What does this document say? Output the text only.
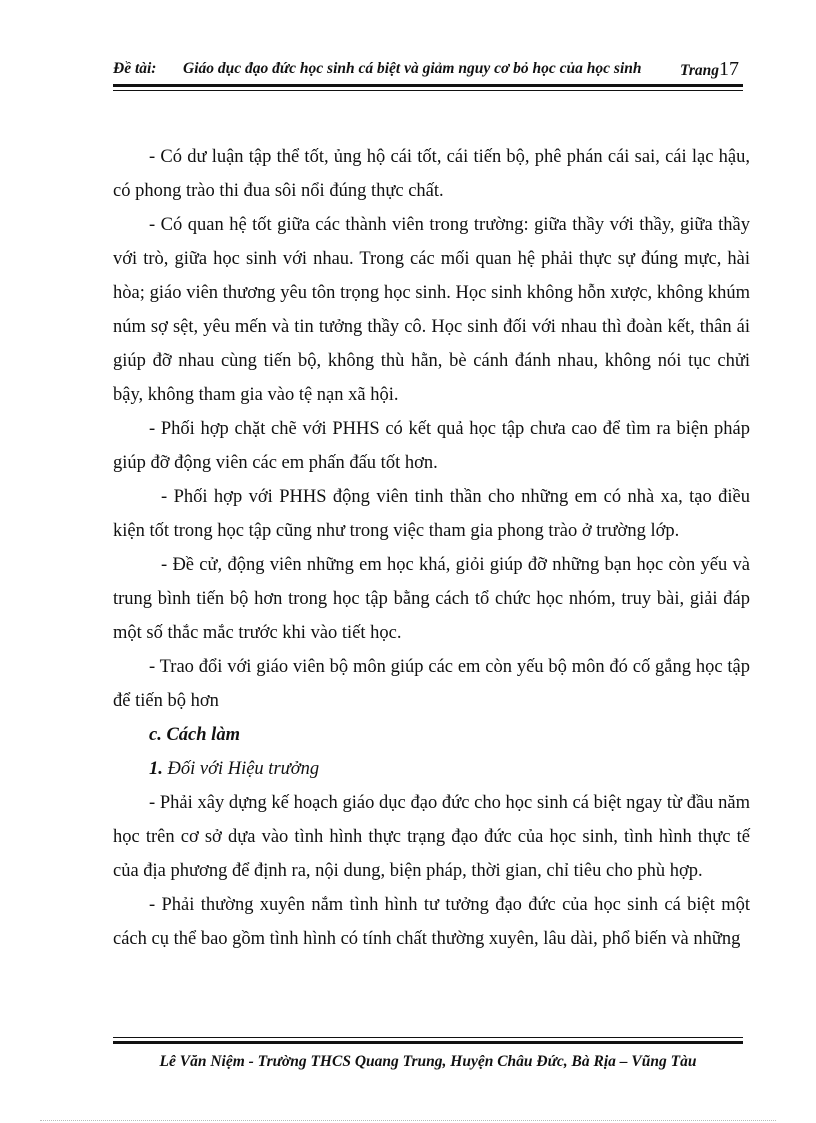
Đề tài: Giáo dục đạo đức học sinh cá biệt và giảm nguy cơ bỏ học của học sinh Trang17

- Có dư luận tập thể tốt, ủng hộ cái tốt, cái tiến bộ, phê phán cái sai, cái lạc hậu, có phong trào thi đua sôi nổi đúng thực chất.

- Có quan hệ tốt giữa các thành viên trong trường: giữa thầy với thầy, giữa thầy với trò, giữa học sinh với nhau. Trong các mối quan hệ phải thực sự đúng mực, hài hòa; giáo viên thương yêu tôn trọng học sinh. Học sinh không hỗn xược, không khúm núm sợ sệt, yêu mến và tin tưởng thầy cô. Học sinh đối với nhau thì đoàn kết, thân ái giúp đỡ nhau cùng tiến bộ, không thù hằn, bè cánh đánh nhau, không nói tục chửi bậy, không tham gia vào tệ nạn xã hội.

- Phối hợp chặt chẽ với PHHS có kết quả học tập chưa cao để tìm ra biện pháp giúp đỡ động viên các em phấn đấu tốt hơn.

- Phối hợp với PHHS động viên tinh thần cho những em có nhà xa, tạo điều kiện tốt trong học tập cũng như trong việc tham gia phong trào ở trường lớp.

- Đề cử, động viên những em học khá, giỏi giúp đỡ những bạn học còn yếu và trung bình tiến bộ hơn trong học tập bằng cách tổ chức học nhóm, truy bài, giải đáp một số thắc mắc trước khi vào tiết học.

- Trao đổi với giáo viên bộ môn giúp các em còn yếu bộ môn đó cố gắng học tập để tiến bộ hơn

c. Cách làm

1. Đối với Hiệu trưởng

- Phải xây dựng kế hoạch giáo dục đạo đức cho học sinh cá biệt ngay từ đầu năm học trên cơ sở dựa vào tình hình thực trạng đạo đức của học sinh, tình hình thực tế của địa phương để định ra, nội dung, biện pháp, thời gian, chỉ tiêu cho phù hợp.

- Phải thường xuyên nắm tình hình tư tưởng đạo đức của học sinh cá biệt một cách cụ thể bao gồm tình hình có tính chất thường xuyên, lâu dài, phổ biến và những

Lê Văn Niệm - Trường THCS Quang Trung, Huyện Châu Đức, Bà Rịa – Vũng Tàu
